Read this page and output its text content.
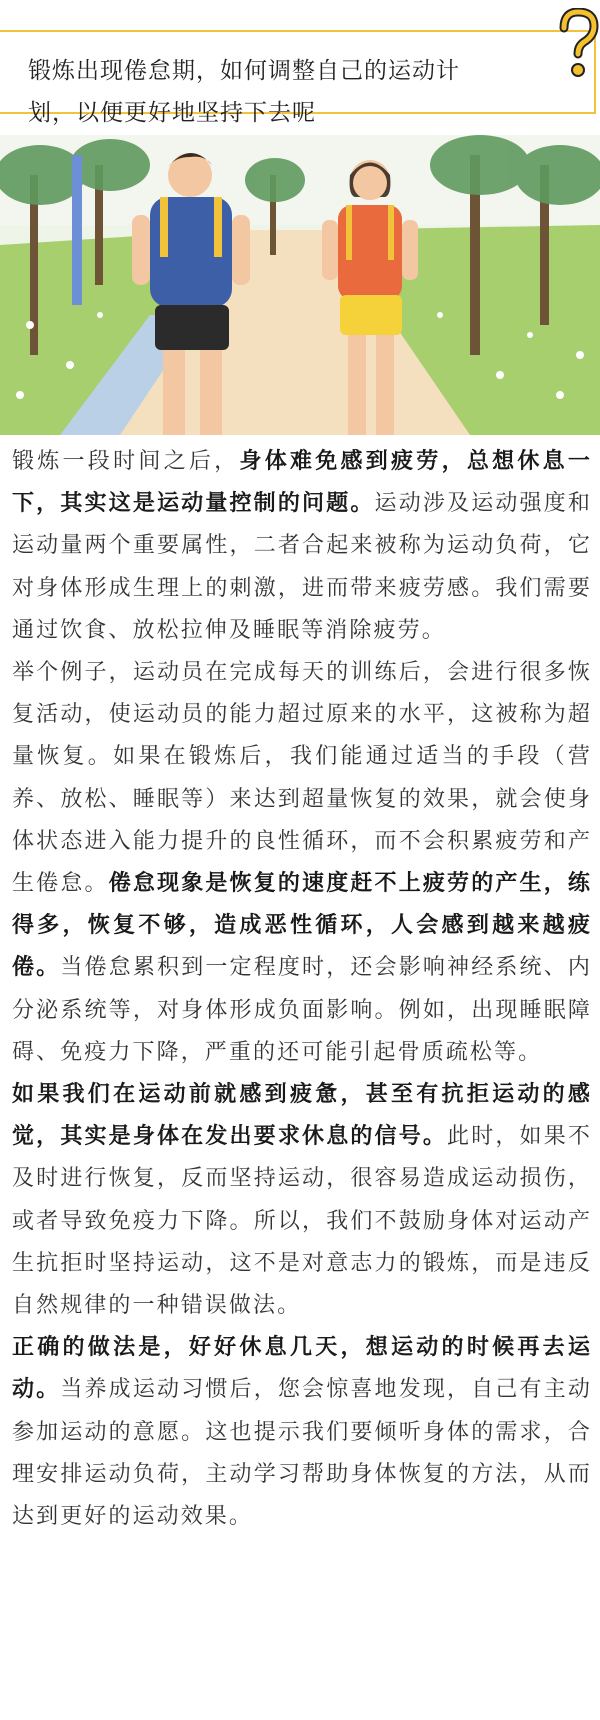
锻炼出现倦怠期，如何调整自己的运动计
划，以便更好地坚持下去呢

锻炼一段时间之后，身体难免感到疲劳，总想休息一下，其实这是运动量控制的问题。运动涉及运动强度和运动量两个重要属性，二者合起来被称为运动负荷，它对身体形成生理上的刺激，进而带来疲劳感。我们需要通过饮食、放松拉伸及睡眠等消除疲劳。

举个例子，运动员在完成每天的训练后，会进行很多恢复活动，使运动员的能力超过原来的水平，这被称为超量恢复。如果在锻炼后，我们能通过适当的手段（营养、放松、睡眠等）来达到超量恢复的效果，就会使身体状态进入能力提升的良性循环，而不会积累疲劳和产生倦怠。倦怠现象是恢复的速度赶不上疲劳的产生，练得多，恢复不够，造成恶性循环，人会感到越来越疲倦。当倦怠累积到一定程度时，还会影响神经系统、内分泌系统等，对身体形成负面影响。例如，出现睡眠障碍、免疫力下降，严重的还可能引起骨质疏松等。

如果我们在运动前就感到疲惫，甚至有抗拒运动的感觉，其实是身体在发出要求休息的信号。此时，如果不及时进行恢复，反而坚持运动，很容易造成运动损伤，或者导致免疫力下降。所以，我们不鼓励身体对运动产生抗拒时坚持运动，这不是对意志力的锻炼，而是违反自然规律的一种错误做法。

正确的做法是，好好休息几天，想运动的时候再去运动。当养成运动习惯后，您会惊喜地发现，自己有主动参加运动的意愿。这也提示我们要倾听身体的需求，合理安排运动负荷，主动学习帮助身体恢复的方法，从而达到更好的运动效果。
